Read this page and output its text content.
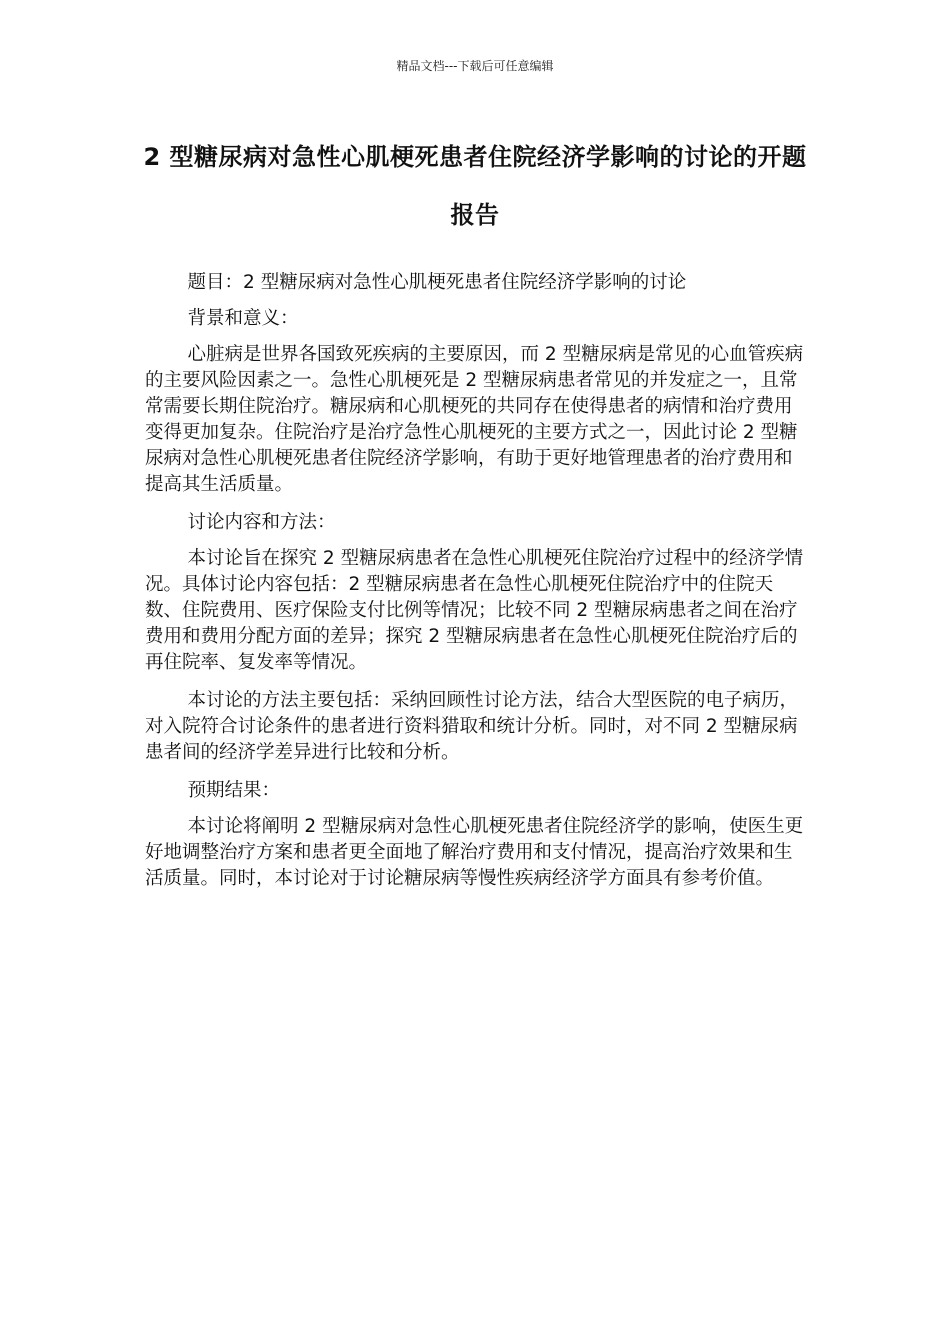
精品文档---下载后可任意编辑
2 型糖尿病对急性心肌梗死患者住院经济学影响的讨论的开题报告

题目：2 型糖尿病对急性心肌梗死患者住院经济学影响的讨论

背景和意义：

心脏病是世界各国致死疾病的主要原因，而 2 型糖尿病是常见的心血管疾病的主要风险因素之一。急性心肌梗死是 2 型糖尿病患者常见的并发症之一，且常常需要长期住院治疗。糖尿病和心肌梗死的共同存在使得患者的病情和治疗费用变得更加复杂。住院治疗是治疗急性心肌梗死的主要方式之一，因此讨论 2 型糖尿病对急性心肌梗死患者住院经济学影响，有助于更好地管理患者的治疗费用和提高其生活质量。

讨论内容和方法：

本讨论旨在探究 2 型糖尿病患者在急性心肌梗死住院治疗过程中的经济学情况。具体讨论内容包括：2 型糖尿病患者在急性心肌梗死住院治疗中的住院天数、住院费用、医疗保险支付比例等情况；比较不同 2 型糖尿病患者之间在治疗费用和费用分配方面的差异；探究 2 型糖尿病患者在急性心肌梗死住院治疗后的再住院率、复发率等情况。

本讨论的方法主要包括：采纳回顾性讨论方法，结合大型医院的电子病历，对入院符合讨论条件的患者进行资料猎取和统计分析。同时，对不同 2 型糖尿病患者间的经济学差异进行比较和分析。

预期结果：

本讨论将阐明 2 型糖尿病对急性心肌梗死患者住院经济学的影响，使医生更好地调整治疗方案和患者更全面地了解治疗费用和支付情况，提高治疗效果和生活质量。同时，本讨论对于讨论糖尿病等慢性疾病经济学方面具有参考价值。
